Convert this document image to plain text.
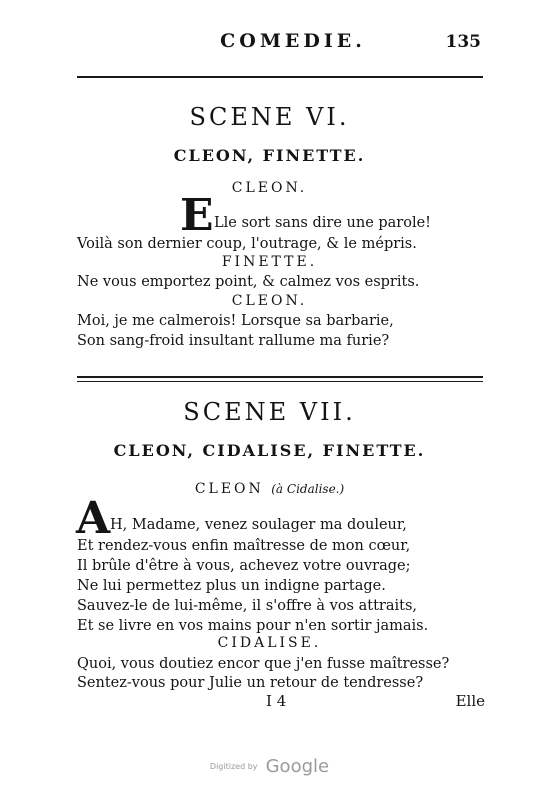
COMEDIE.	135
SCENE VI.
CLEON, FINETTE.
CLEON.
E Lle sort sans dire une parole!
Voilà son dernier coup, l'outrage, & le mépris.
FINETTE.
Ne vous emportez point, & calmez vos esprits.
CLEON.
Moi, je me calmerois! Lorsque sa barbarie,
Son sang-froid insultant rallume ma furie?
SCENE VII.
CLEON, CIDALISE, FINETTE.
CLEON (à Cidalise.)
A H, Madame, venez soulager ma douleur,
Et rendez-vous enfin maîtresse de mon cœur,
Il brûle d'être à vous, achevez votre ouvrage;
Ne lui permettez plus un indigne partage.
Sauvez-le de lui-même, il s'offre à vos attraits,
Et se livre en vos mains pour n'en sortir jamais.
CIDALISE.
Quoi, vous doutiez encor que j'en fusse maîtresse?
Sentez-vous pour Julie un retour de tendresse?
I 4	Elle
Digitized by Google
